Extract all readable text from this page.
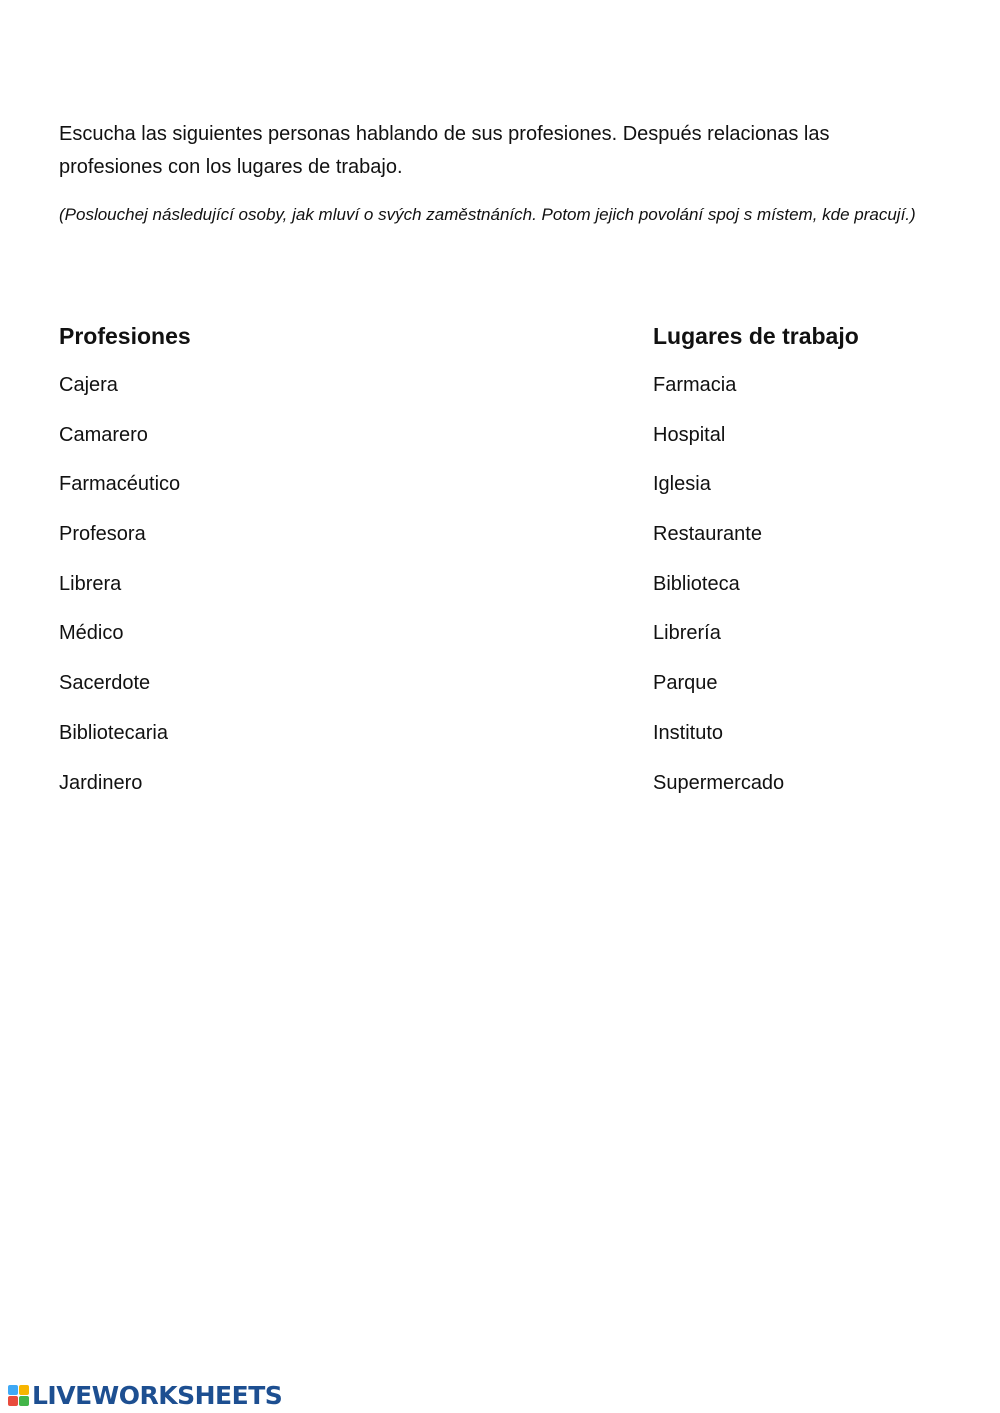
Escucha las siguientes personas hablando de sus profesiones. Después relacionas las profesiones con los lugares de trabajo.
(Poslouchej následující osoby, jak mluví o svých zaměstnáních. Potom jejich povolání spoj s místem, kde pracují.)
Profesiones
Cajera
Camarero
Farmacéutico
Profesora
Librera
Médico
Sacerdote
Bibliotecaria
Jardinero
Lugares de trabajo
Farmacia
Hospital
Iglesia
Restaurante
Biblioteca
Librería
Parque
Instituto
Supermercado
LIVEWORKSHEETS
